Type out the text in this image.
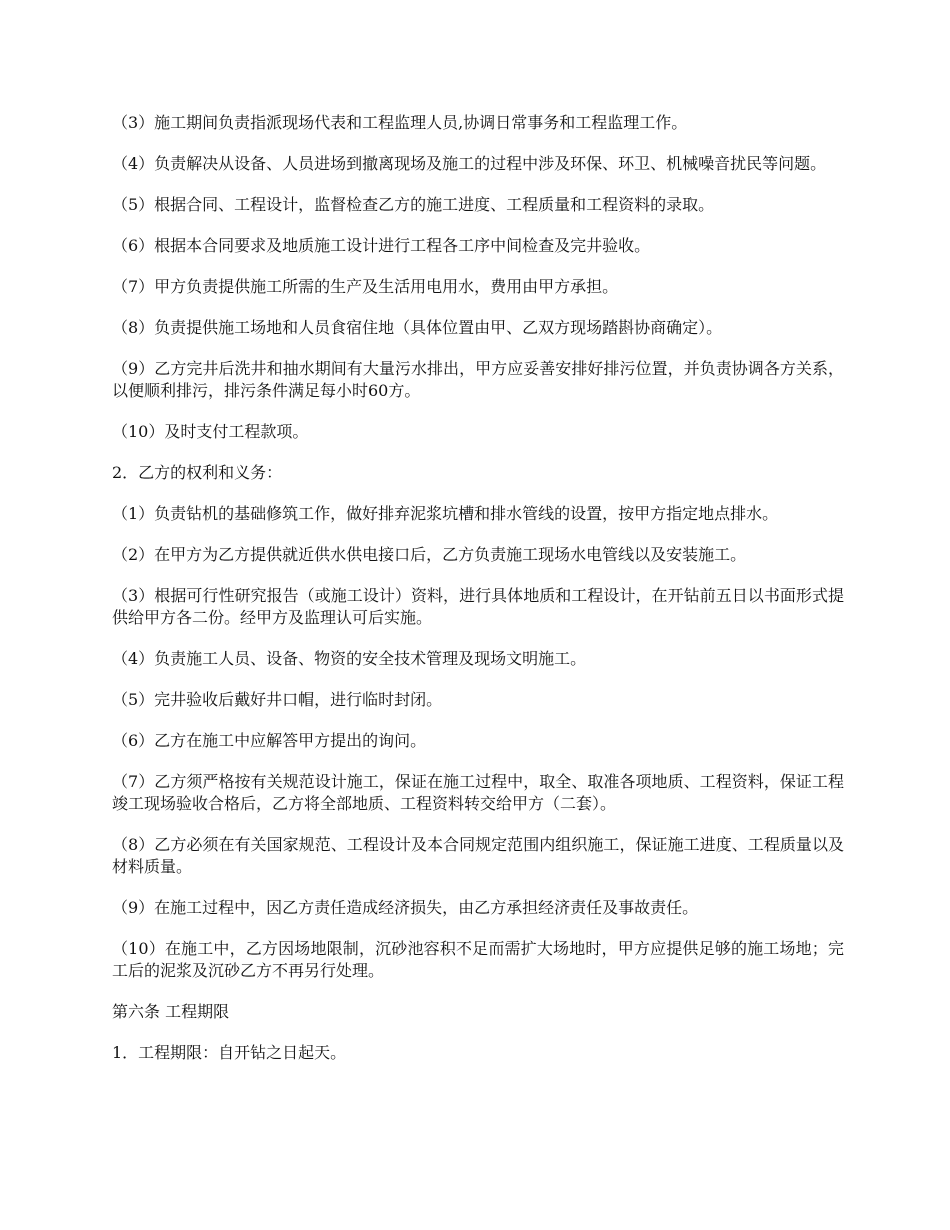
（3）施工期间负责指派现场代表和工程监理人员,协调日常事务和工程监理工作。

（4）负责解决从设备、人员进场到撤离现场及施工的过程中涉及环保、环卫、机械噪音扰民等问题。

（5）根据合同、工程设计，监督检查乙方的施工进度、工程质量和工程资料的录取。

（6）根据本合同要求及地质施工设计进行工程各工序中间检查及完井验收。

（7）甲方负责提供施工所需的生产及生活用电用水，费用由甲方承担。

（8）负责提供施工场地和人员食宿住地（具体位置由甲、乙双方现场踏斟协商确定）。

（9）乙方完井后洗井和抽水期间有大量污水排出，甲方应妥善安排好排污位置，并负责协调各方关系，以便顺利排污，排污条件满足每小时60方。

（10）及时支付工程款项。

2．乙方的权利和义务：

（1）负责钻机的基础修筑工作，做好排弃泥浆坑槽和排水管线的设置，按甲方指定地点排水。

（2）在甲方为乙方提供就近供水供电接口后，乙方负责施工现场水电管线以及安装施工。

（3）根据可行性研究报告（或施工设计）资料，进行具体地质和工程设计，在开钻前五日以书面形式提供给甲方各二份。经甲方及监理认可后实施。

（4）负责施工人员、设备、物资的安全技术管理及现场文明施工。

（5）完井验收后戴好井口帽，进行临时封闭。

（6）乙方在施工中应解答甲方提出的询问。

（7）乙方须严格按有关规范设计施工，保证在施工过程中，取全、取准各项地质、工程资料，保证工程竣工现场验收合格后，乙方将全部地质、工程资料转交给甲方（二套）。

（8）乙方必须在有关国家规范、工程设计及本合同规定范围内组织施工，保证施工进度、工程质量以及材料质量。

（9）在施工过程中，因乙方责任造成经济损失，由乙方承担经济责任及事故责任。

（10）在施工中，乙方因场地限制，沉砂池容积不足而需扩大场地时，甲方应提供足够的施工场地；完工后的泥浆及沉砂乙方不再另行处理。

第六条 工程期限

1．工程期限：自开钻之日起天。
